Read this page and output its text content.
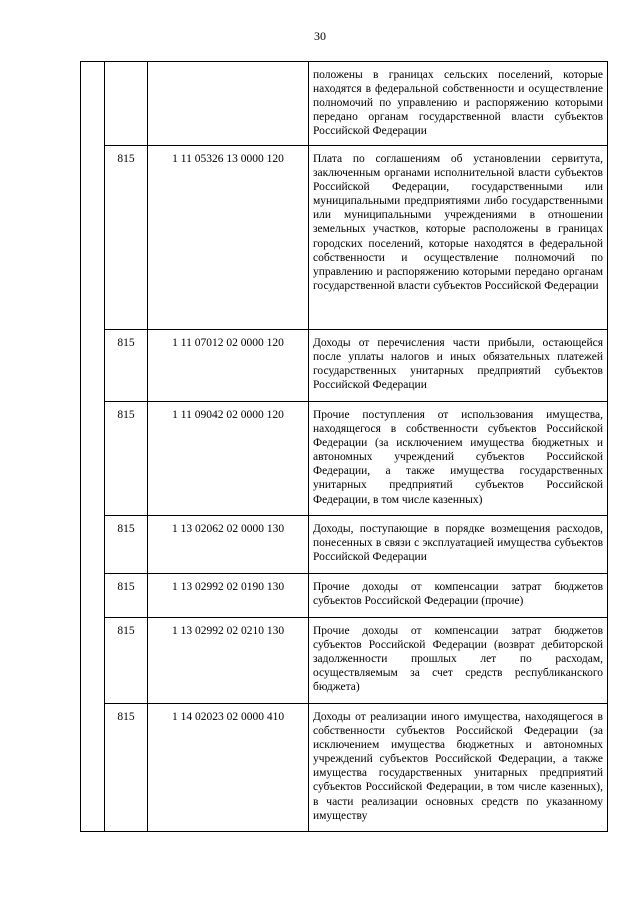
30
			положены в границах сельских поселений, которые находятся в федеральной собственности и осуществление полномочий по управлению и распоряжению которыми передано органам государственной власти субъектов Российской Федерации
	815	1 11 05326 13 0000 120	Плата по соглашениям об установлении сервитута, заключенным органами исполнительной власти субъектов Российской Федерации, государственными или муниципальными предприятиями либо государственными или муниципальными учреждениями в отношении земельных участков, которые расположены в границах городских поселений, которые находятся в федеральной собственности и осуществление полномочий по управлению и распоряжению которыми передано органам государственной власти субъектов Российской Федерации
	815	1 11 07012 02 0000 120	Доходы от перечисления части прибыли, остающейся после уплаты налогов и иных обязательных платежей государственных унитарных предприятий субъектов Российской Федерации
	815	1 11 09042 02 0000 120	Прочие поступления от использования имущества, находящегося в собственности субъектов Российской Федерации (за исключением имущества бюджетных и автономных учреждений субъектов Российской Федерации, а также имущества государственных унитарных предприятий субъектов Российской Федерации, в том числе казенных)
	815	1 13 02062 02 0000 130	Доходы, поступающие в порядке возмещения расходов, понесенных в связи с эксплуатацией имущества субъектов Российской Федерации
	815	1 13 02992 02 0190 130	Прочие доходы от компенсации затрат бюджетов субъектов Российской Федерации (прочие)
	815	1 13 02992 02 0210 130	Прочие доходы от компенсации затрат бюджетов субъектов Российской Федерации (возврат дебиторской задолженности прошлых лет по расходам, осуществляемым за счет средств республиканского бюджета)
	815	1 14 02023 02 0000 410	Доходы от реализации иного имущества, находящегося в собственности субъектов Российской Федерации (за исключением имущества бюджетных и автономных учреждений субъектов Российской Федерации, а также имущества государственных унитарных предприятий субъектов Российской Федерации, в том числе казенных), в части реализации основных средств по указанному имуществу
